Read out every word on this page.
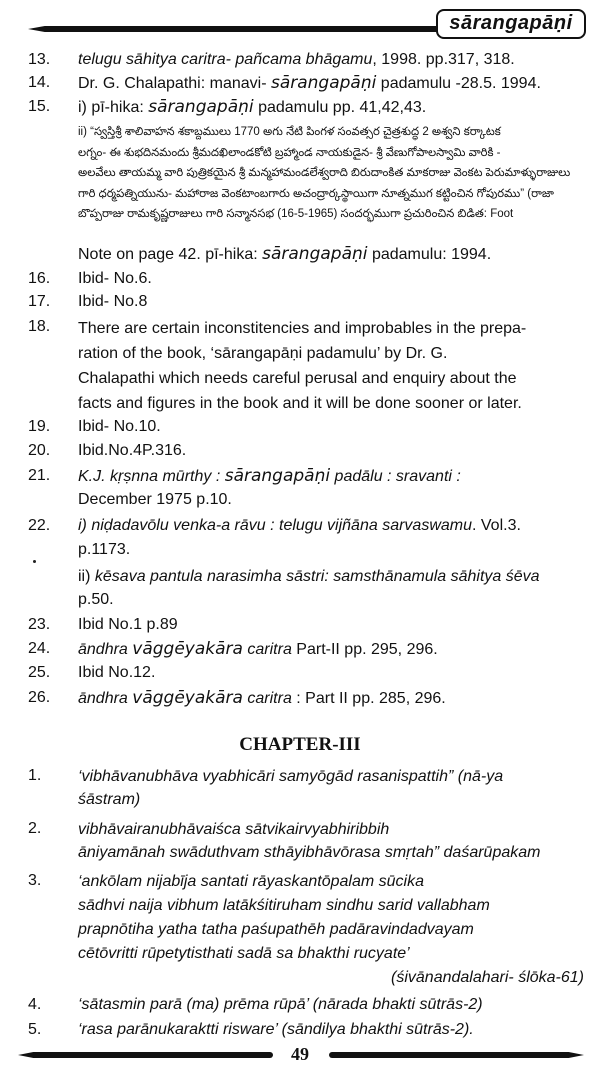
sārangapāṇi
13.	telugu sāhitya caritra- pañcama bhāgamu, 1998. pp.317, 318.
14.	Dr. G. Chalapathi: manavi- sārangapāṇi padamulu -28.5. 1994.
15.	i) pī-hika: sārangapāṇi padamulu pp. 41,42,43.
ii) “స్వస్తిశ్రీ శాలివాహన శకాబ్దములు 1770 అగు నేటి పింగళ సంవత్సర చైత్రశుద్ధ 2 అశ్వని కర్కాటక
లగ్నం- ఈ శుభదినమందు శ్రీమదఖిలాండకోటి బ్రహ్మాండ నాయకుడైన- శ్రీ వేణుగోపాలస్వామి వారికి -
అలవేలు తాయమ్మ వారి పుత్రికయైన శ్రీ మన్మహామండలేశ్వరాది బిరుదాంకిత మాకరాజు వెంకట పెరుమాళ్ళురాజులు
గారి ధర్మపత్నియును- మహారాజ వెంకటాంబగారు అచంద్రార్కస్థాయిగా నూత్నముగ కట్టించిన గోపురము” (రాజా
బొప్పరాజు రామకృష్ణరాజులు గారి సన్మానసభ (16-5-1965) సందర్భముగా ప్రచురించిన బిడిత: Foot
Note on page 42. pī-hika: sārangapāṇi padamulu: 1994.
16.	Ibid- No.6.
17.	Ibid- No.8
18.	There are certain inconstitencies and improbables in the prepa-
ration of the book, ‘sārangapāṇi padamulu’ by Dr. G.
Chalapathi which needs careful perusal and enquiry about the
facts and figures in the book and it will be done sooner or later.
19.	Ibid- No.10.
20.	Ibid.No.4P.316.
21.	K.J. kṛṣnna mūrthy : sārangapāṇi padālu : sravanti :
December 1975 p.10.
22.	i) niḍadavōlu venka-a rāvu : telugu vijñāna sarvaswamu. Vol.3.
p.1173.
ii) kēsava pantula narasimha sāstri: samsthānamula sāhitya śēva
p.50.
23.	Ibid No.1 p.89
24.	āndhra vāggēyakāra caritra Part-II pp. 295, 296.
25.	Ibid No.12.
26.	āndhra vāggēyakāra caritra : Part II pp. 285, 296.
CHAPTER-III
1.	‘vibhāvanubhāva vyabhicāri samyōgād rasanispattih” (nā-ya
śāstram)
2.	vibhāvairanubhāvaiśca sātvikairvyabhiribbih
āniyamānah swāduthvam sthāyibhāvōrasa smṛtah” daśarūpakam
3.	‘ankōlam nijabīja santati rāyaskantōpalam sūcika
sādhvi naija vibhum latākśitiruham sindhu sarid vallabham
prapnōtiha yatha tatha paśupathēh padāravindadvayam
cētōvritti rūpetytisthati sadā sa bhakthi rucyate’
(śivānandalahari- ślōka-61)
4.	‘sātasmin parā (ma) prēma rūpā’ (nārada bhakti sūtrās-2)
5.	‘rasa parānukaraktti risware’ (sāndilya bhakthi sūtrās-2).
49
